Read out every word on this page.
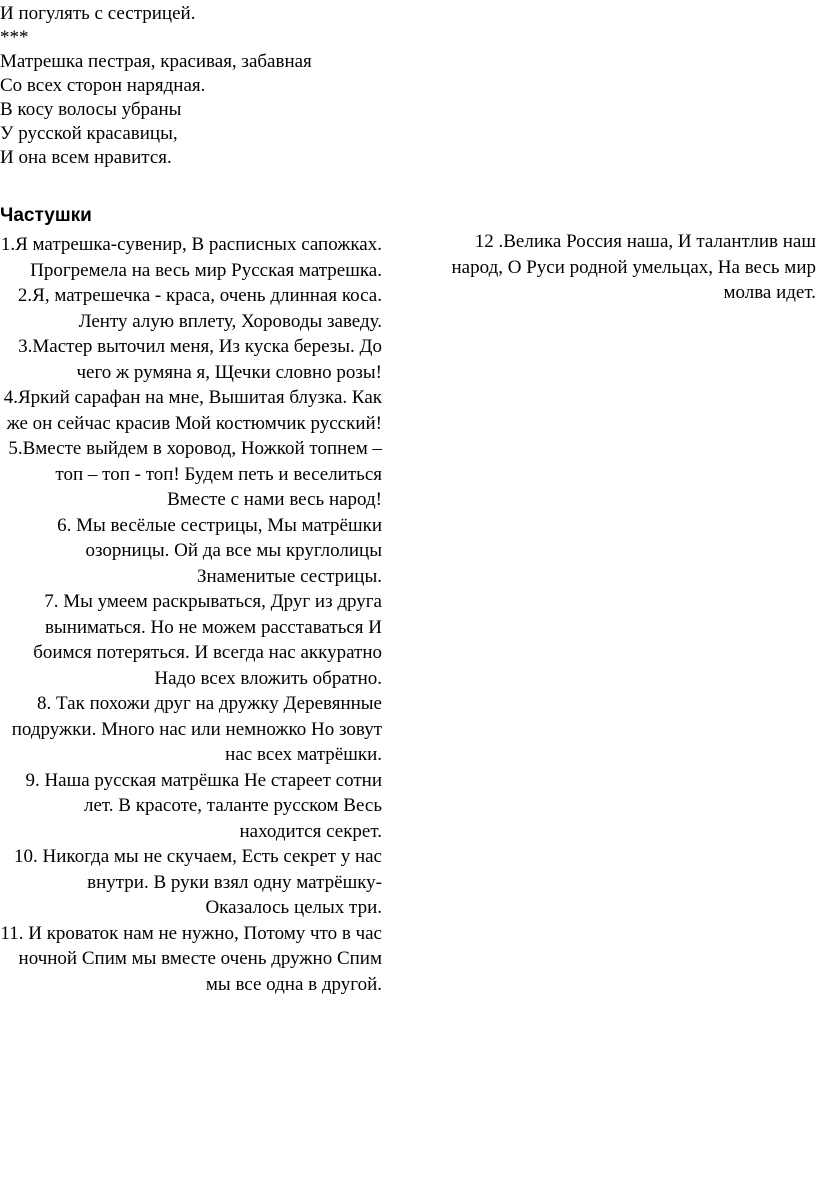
И погулять с сестрицей.
***
Матрешка пестрая, красивая, забавная
Со всех сторон нарядная.
В косу волосы убраны
У русской красавицы,
И она всем нравится.
Частушки

1.Я матрешка-сувенир, В расписных сапожках.

Прогремела на весь мир Русская матрешка.

2.Я, матрешечка - краса, очень длинная коса. Ленту алую вплету, Хороводы заведу.

3.Мастер выточил меня, Из куска березы. До чего ж румяна я, Щечки словно розы!

4.Яркий сарафан на мне, Вышитая блузка. Как же он сейчас красив Мой костюмчик русский!

5.Вместе выйдем в хоровод, Ножкой топнем – топ – топ - топ! Будем петь и веселиться Вместе с нами весь народ!

6. Мы весёлые сестрицы, Мы матрёшки озорницы. Ой да все мы круглолицы Знаменитые сестрицы.

7. Мы умеем раскрываться, Друг из друга выниматься. Но не можем расставаться И боимся потеряться. И всегда нас аккуратно Надо всех вложить обратно.

8. Так похожи друг на дружку Деревянные подружки. Много нас или немножко Но зовут нас всех матрёшки.

9. Наша русская матрёшка Не стареет сотни лет. В красоте, таланте русском Весь находится секрет.

10. Никогда мы не скучаем, Есть секрет у нас внутри. В руки взял одну матрёшку- Оказалось целых три.

11. И кроваток нам не нужно, Потому что в час ночной Спим мы вместе очень дружно Спим мы все одна в другой.

12 .Велика Россия наша, И талантлив наш народ, О Руси родной умельцах, На весь мир молва идет.
